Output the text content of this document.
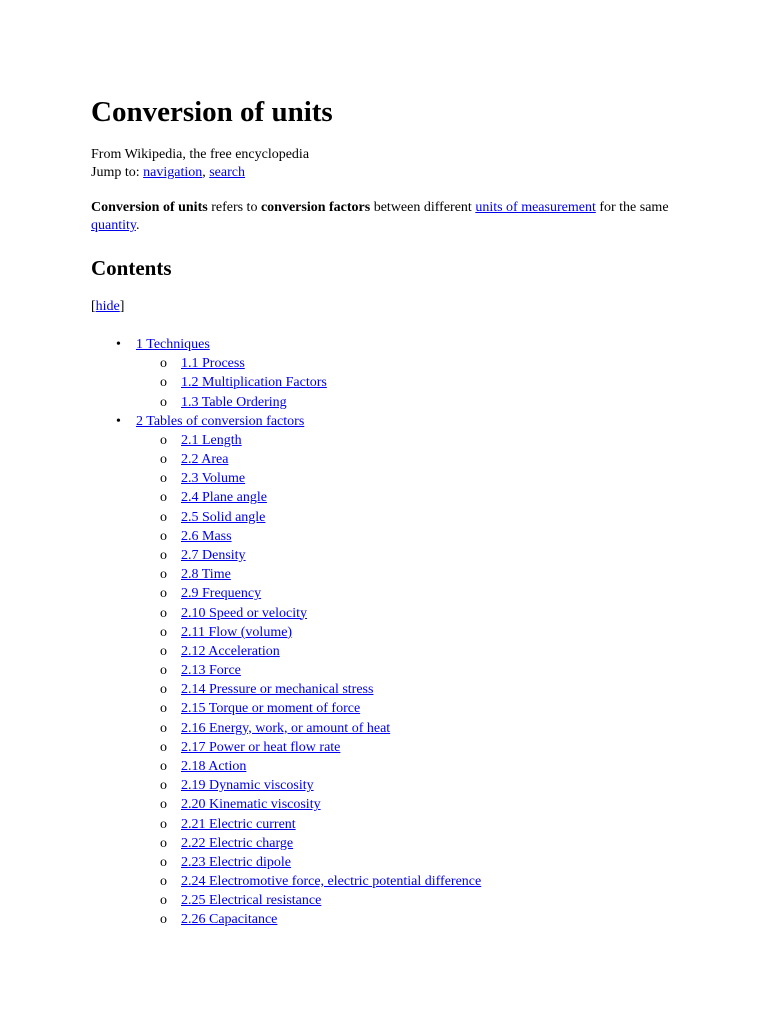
Conversion of units
From Wikipedia, the free encyclopedia
Jump to: navigation, search

Conversion of units refers to conversion factors between different units of measurement for the same quantity.

Contents
[hide]
• 1 Techniques
o 1.1 Process
o 1.2 Multiplication Factors
o 1.3 Table Ordering
• 2 Tables of conversion factors
o 2.1 Length
o 2.2 Area
o 2.3 Volume
o 2.4 Plane angle
o 2.5 Solid angle
o 2.6 Mass
o 2.7 Density
o 2.8 Time
o 2.9 Frequency
o 2.10 Speed or velocity
o 2.11 Flow (volume)
o 2.12 Acceleration
o 2.13 Force
o 2.14 Pressure or mechanical stress
o 2.15 Torque or moment of force
o 2.16 Energy, work, or amount of heat
o 2.17 Power or heat flow rate
o 2.18 Action
o 2.19 Dynamic viscosity
o 2.20 Kinematic viscosity
o 2.21 Electric current
o 2.22 Electric charge
o 2.23 Electric dipole
o 2.24 Electromotive force, electric potential difference
o 2.25 Electrical resistance
o 2.26 Capacitance
